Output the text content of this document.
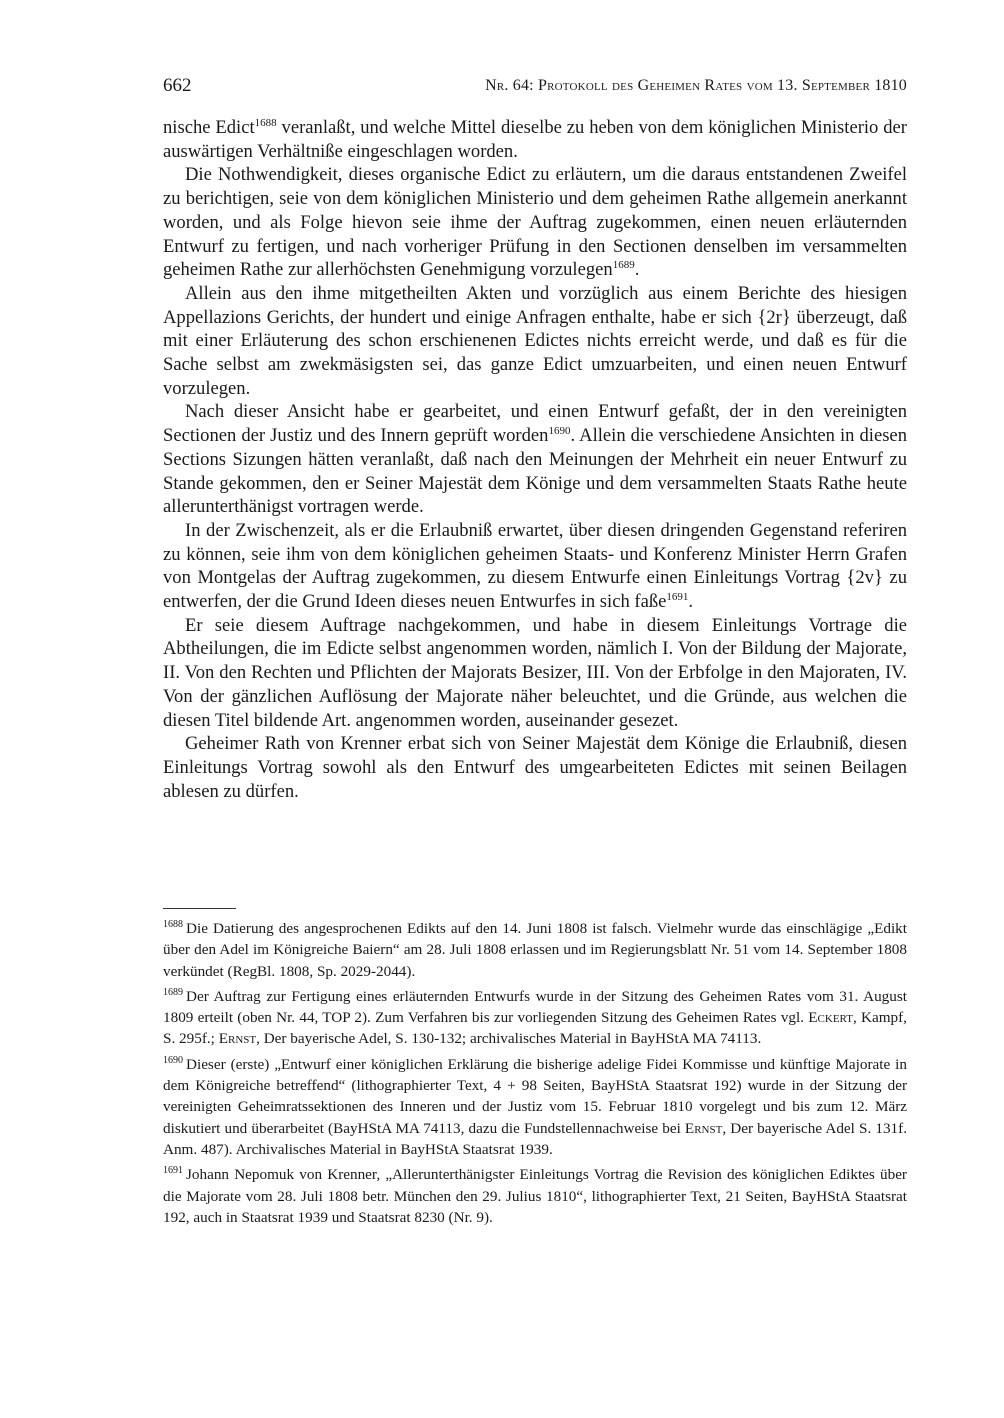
662	Nr. 64: Protokoll des Geheimen Rates vom 13. September 1810

nische Edict$^{1688}$ veranlaßt, und welche Mittel dieselbe zu heben von dem königlichen Ministerio der auswärtigen Verhältniße eingeschlagen worden.

Die Nothwendigkeit, dieses organische Edict zu erläutern, um die daraus entstandenen Zweifel zu berichtigen, seie von dem königlichen Ministerio und dem geheimen Rathe allgemein anerkannt worden, und als Folge hievon seie ihme der Auftrag zugekommen, einen neuen erläuternden Entwurf zu fertigen, und nach vorheriger Prüfung in den Sectionen denselben im versammelten geheimen Rathe zur allerhöchsten Genehmigung vorzulegen$^{1689}$.

Allein aus den ihme mitgetheilten Akten und vorzüglich aus einem Berichte des hiesigen Appellazions Gerichts, der hundert und einige Anfragen enthalte, habe er sich {2r} überzeugt, daß mit einer Erläuterung des schon erschienenen Edictes nichts erreicht werde, und daß es für die Sache selbst am zwekmäsigsten sei, das ganze Edict umzuarbeiten, und einen neuen Entwurf vorzulegen.

Nach dieser Ansicht habe er gearbeitet, und einen Entwurf gefaßt, der in den vereinigten Sectionen der Justiz und des Innern geprüft worden$^{1690}$. Allein die verschiedene Ansichten in diesen Sections Sizungen hätten veranlaßt, daß nach den Meinungen der Mehrheit ein neuer Entwurf zu Stande gekommen, den er Seiner Majestät dem Könige und dem versammelten Staats Rathe heute allerunterthänigst vortragen werde.

In der Zwischenzeit, als er die Erlaubniß erwartet, über diesen dringenden Gegenstand referiren zu können, seie ihm von dem königlichen geheimen Staats- und Konferenz Minister Herrn Grafen von Montgelas der Auftrag zugekommen, zu diesem Entwurfe einen Einleitungs Vortrag {2v} zu entwerfen, der die Grund Ideen dieses neuen Entwurfes in sich faße$^{1691}$.

Er seie diesem Auftrage nachgekommen, und habe in diesem Einleitungs Vortrage die Abtheilungen, die im Edicte selbst angenommen worden, nämlich I. Von der Bildung der Majorate, II. Von den Rechten und Pflichten der Majorats Besizer, III. Von der Erbfolge in den Majoraten, IV. Von der gänzlichen Auflösung der Majorate näher beleuchtet, und die Gründe, aus welchen die diesen Titel bildende Art. angenommen worden, auseinander gesezet.

Geheimer Rath von Krenner erbat sich von Seiner Majestät dem Könige die Erlaubniß, diesen Einleitungs Vortrag sowohl als den Entwurf des umgearbeiteten Edictes mit seinen Beilagen ablesen zu dürfen.

$^{1688}$ Die Datierung des angesprochenen Edikts auf den 14. Juni 1808 ist falsch. Vielmehr wurde das einschlägige „Edikt über den Adel im Königreiche Baiern“ am 28. Juli 1808 erlassen und im Regierungsblatt Nr. 51 vom 14. September 1808 verkündet (RegBl. 1808, Sp. 2029-2044).

$^{1689}$ Der Auftrag zur Fertigung eines erläuternden Entwurfs wurde in der Sitzung des Geheimen Rates vom 31. August 1809 erteilt (oben Nr. 44, TOP 2). Zum Verfahren bis zur vorliegenden Sitzung des Geheimen Rates vgl. Eckert, Kampf, S. 295f.; Ernst, Der bayerische Adel, S. 130-132; archivalisches Material in BayHStA MA 74113.

$^{1690}$ Dieser (erste) „Entwurf einer königlichen Erklärung die bisherige adelige Fidei Kommisse und künftige Majorate in dem Königreiche betreffend“ (lithographierter Text, 4 + 98 Seiten, BayHStA Staatsrat 192) wurde in der Sitzung der vereinigten Geheimratssektionen des Inneren und der Justiz vom 15. Februar 1810 vorgelegt und bis zum 12. März diskutiert und überarbeitet (BayHStA MA 74113, dazu die Fundstellennachweise bei Ernst, Der bayerische Adel S. 131f. Anm. 487). Archivalisches Material in BayHStA Staatsrat 1939.

$^{1691}$ Johann Nepomuk von Krenner, „Allerunterthänigster Einleitungs Vortrag die Revision des königlichen Ediktes über die Majorate vom 28. Juli 1808 betr. München den 29. Julius 1810“, lithographierter Text, 21 Seiten, BayHStA Staatsrat 192, auch in Staatsrat 1939 und Staatsrat 8230 (Nr. 9).
